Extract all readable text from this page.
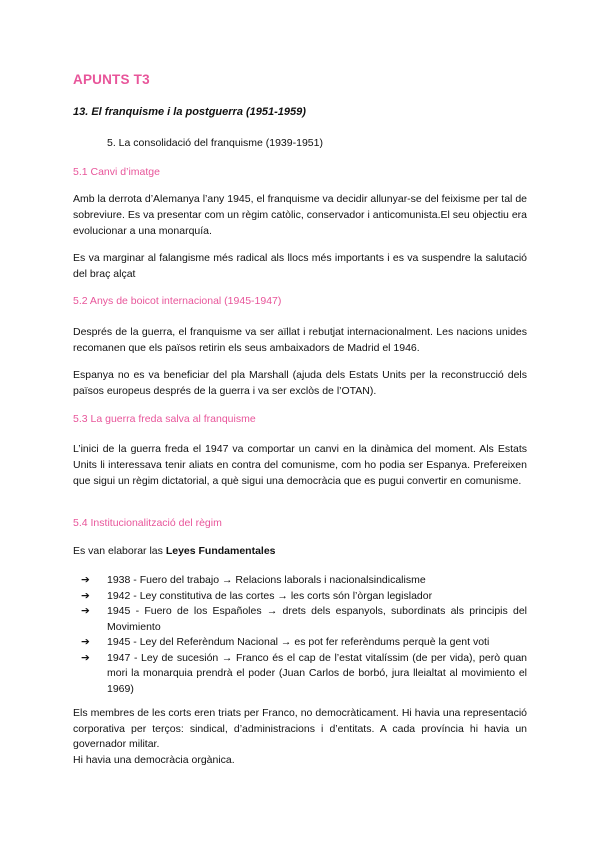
APUNTS T3
13. El franquisme i la postguerra (1951-1959)
5. La consolidació del franquisme (1939-1951)
5.1 Canvi d’imatge
Amb la derrota d’Alemanya l’any 1945, el franquisme va decidir allunyar-se del feixisme per tal de sobreviure. Es va presentar com un règim catòlic, conservador i anticomunista.El seu objectiu era evolucionar a una monarquía.
Es va marginar al falangisme més radical als llocs més importants i es va suspendre la salutació del braç alçat
5.2 Anys de boicot internacional (1945-1947)
Després de la guerra, el franquisme va ser aïllat i rebutjat internacionalment. Les nacions unides recomanen que els països retirin els seus ambaixadors de Madrid el 1946.
Espanya no es va beneficiar del pla Marshall (ajuda dels Estats Units per la reconstrucció dels països europeus després de la guerra i va ser exclòs de l’OTAN).
5.3 La guerra freda salva al franquisme
L’inici de la guerra freda el 1947 va comportar un canvi en la dinàmica del moment. Als Estats Units li interessava tenir aliats en contra del comunisme, com ho podia ser Espanya. Prefereixen que sigui un règim dictatorial, a què sigui una democràcia que es pugui convertir en comunisme.
5.4 Institucionalització del règim
Es van elaborar las Leyes Fundamentales
➔ 1938 - Fuero del trabajo → Relacions laborals i nacionalsindicalisme
➔ 1942 - Ley constitutiva de las cortes → les corts són l’òrgan legislador
➔ 1945 - Fuero de los Españoles → drets dels espanyols, subordinats als principis del Movimiento
➔ 1945 - Ley del Referèndum Nacional → es pot fer referèndums perquè la gent voti
➔ 1947 - Ley de sucesión → Franco és el cap de l’estat vitalíssim (de per vida), però quan mori la monarquia prendrà el poder (Juan Carlos de borbó, jura lleialtat al movimiento el 1969)
Els membres de les corts eren triats per Franco, no democràticament. Hi havia una representació corporativa per terços: sindical, d’administracions i d’entitats. A cada província hi havia un governador militar.
Hi havia una democràcia orgànica.
